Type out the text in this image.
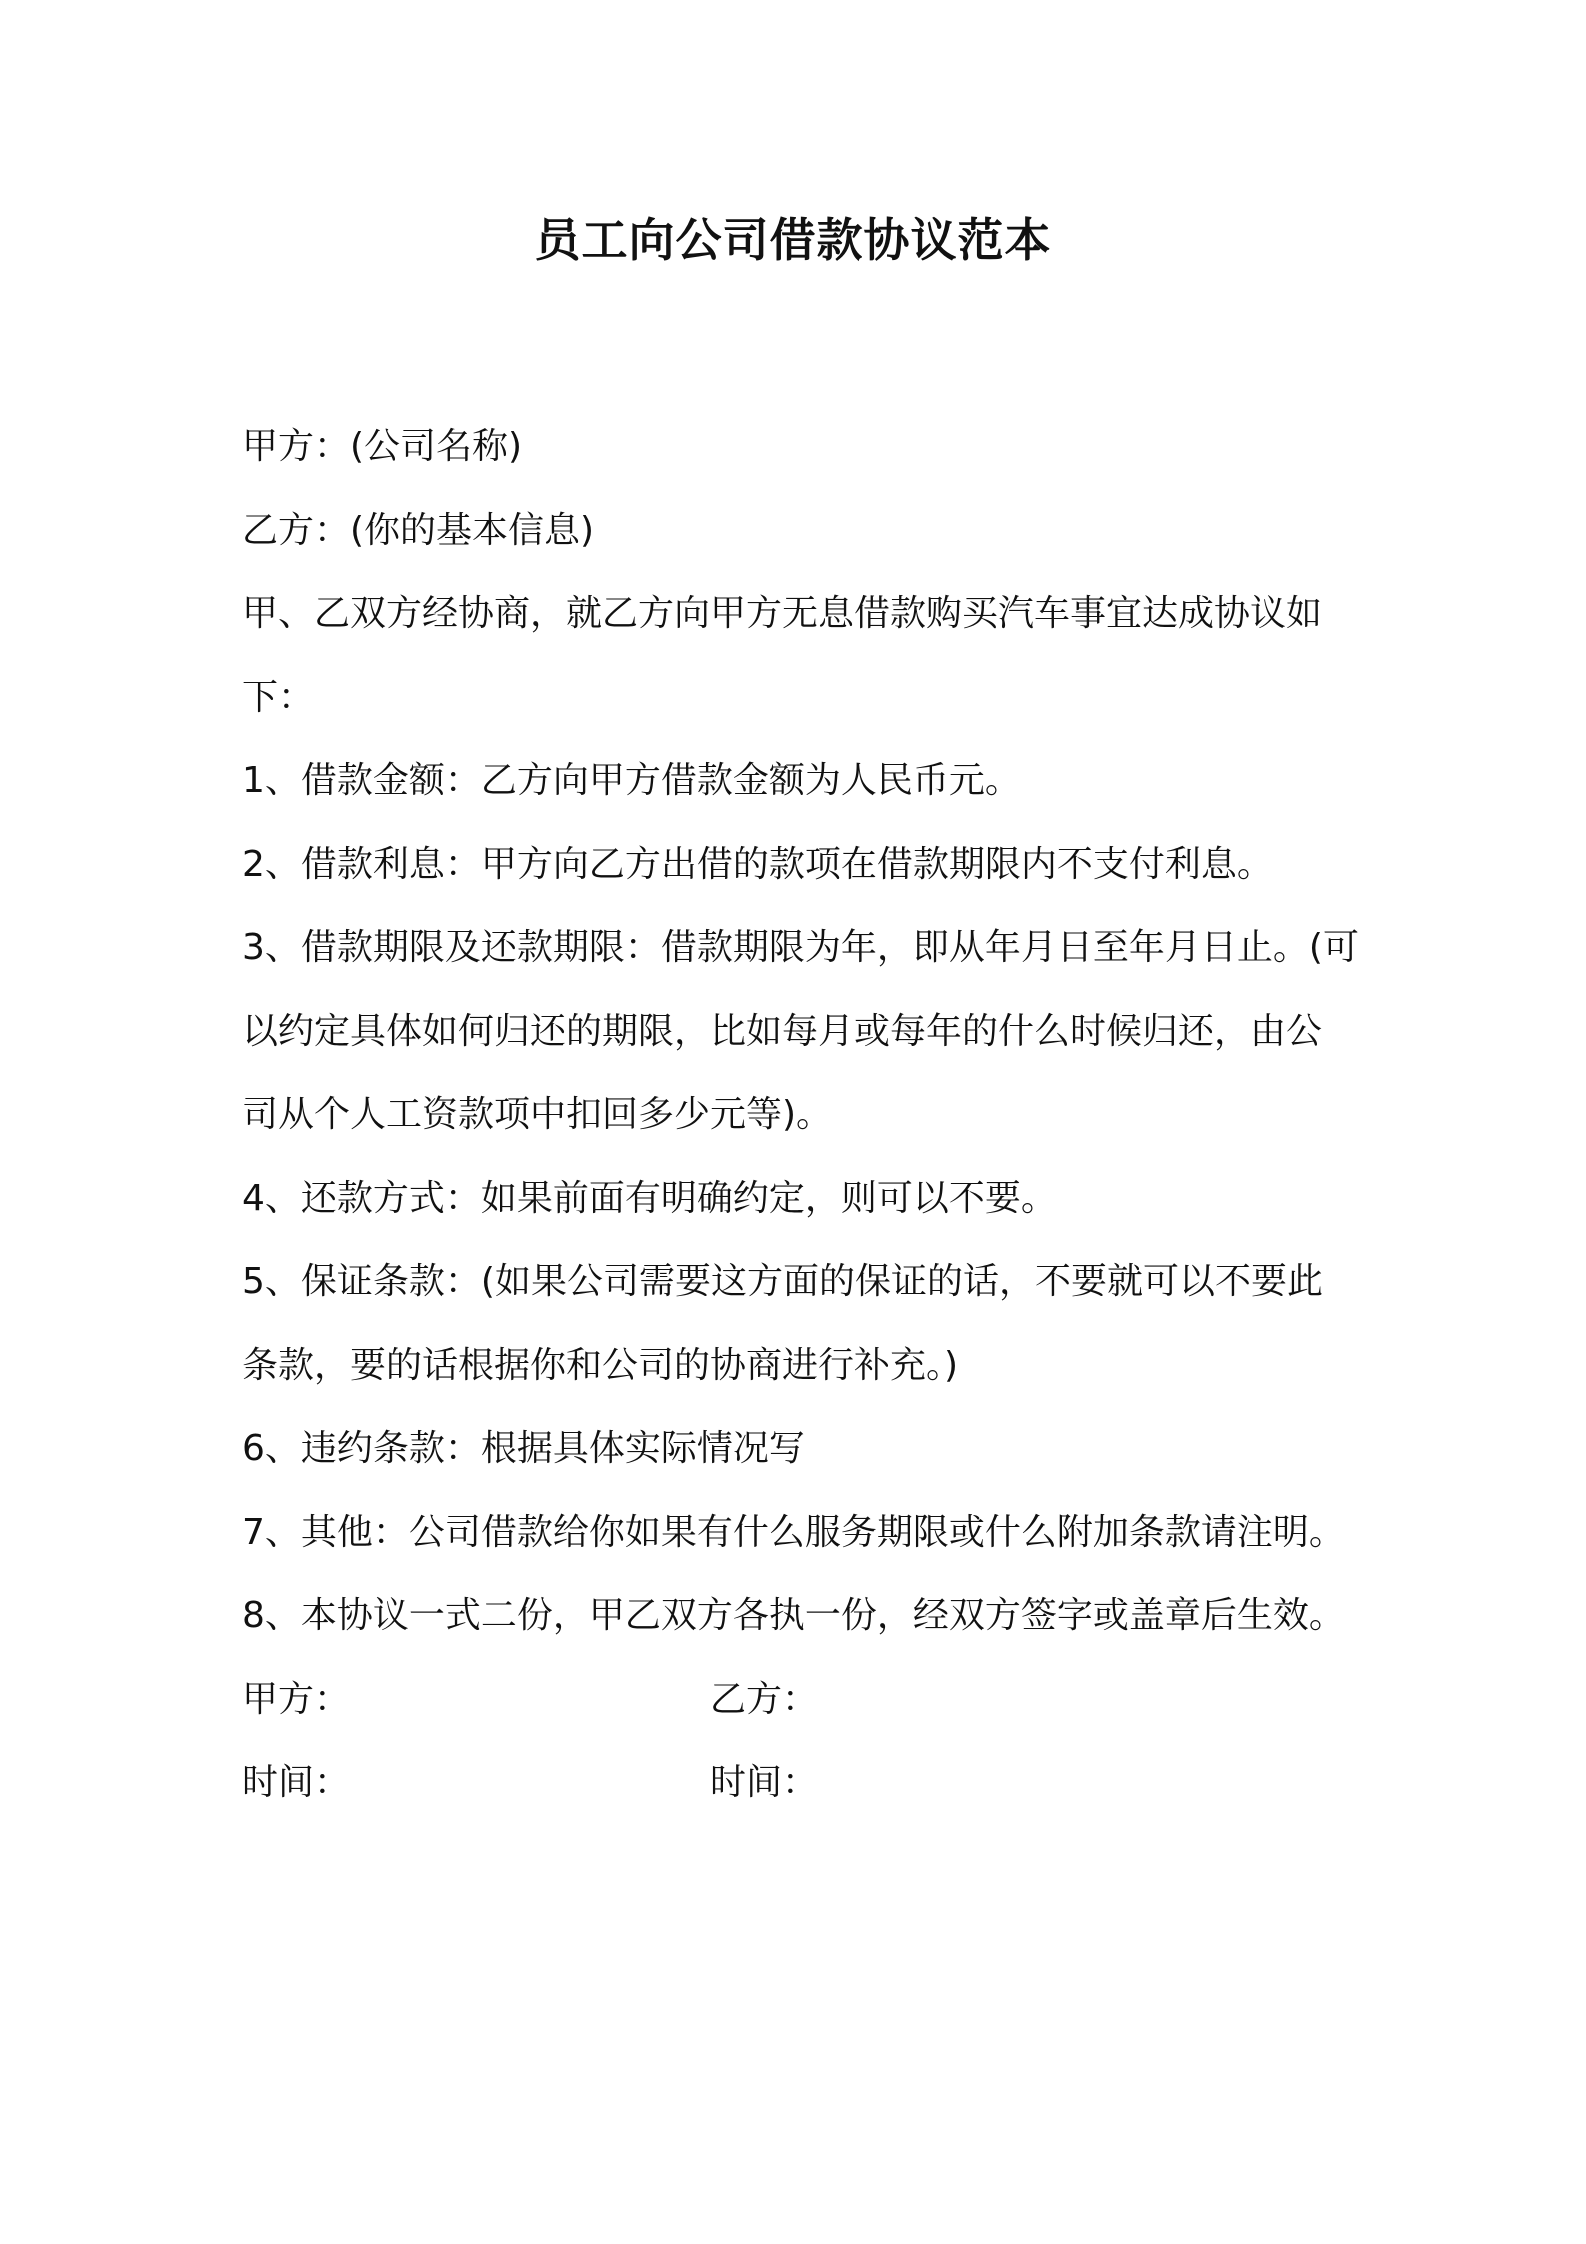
员工向公司借款协议范本
甲方：(公司名称)
乙方：(你的基本信息)
甲、乙双方经协商，就乙方向甲方无息借款购买汽车事宜达成协议如
下：
1、借款金额：乙方向甲方借款金额为人民币元。
2、借款利息：甲方向乙方出借的款项在借款期限内不支付利息。
3、借款期限及还款期限：借款期限为年，即从年月日至年月日止。(可
以约定具体如何归还的期限，比如每月或每年的什么时候归还，由公
司从个人工资款项中扣回多少元等)。
4、还款方式：如果前面有明确约定，则可以不要。
5、保证条款：(如果公司需要这方面的保证的话，不要就可以不要此
条款，要的话根据你和公司的协商进行补充。)
6、违约条款：根据具体实际情况写
7、其他：公司借款给你如果有什么服务期限或什么附加条款请注明。
8、本协议一式二份，甲乙双方各执一份，经双方签字或盖章后生效。
甲方：	乙方：
时间：	时间：
